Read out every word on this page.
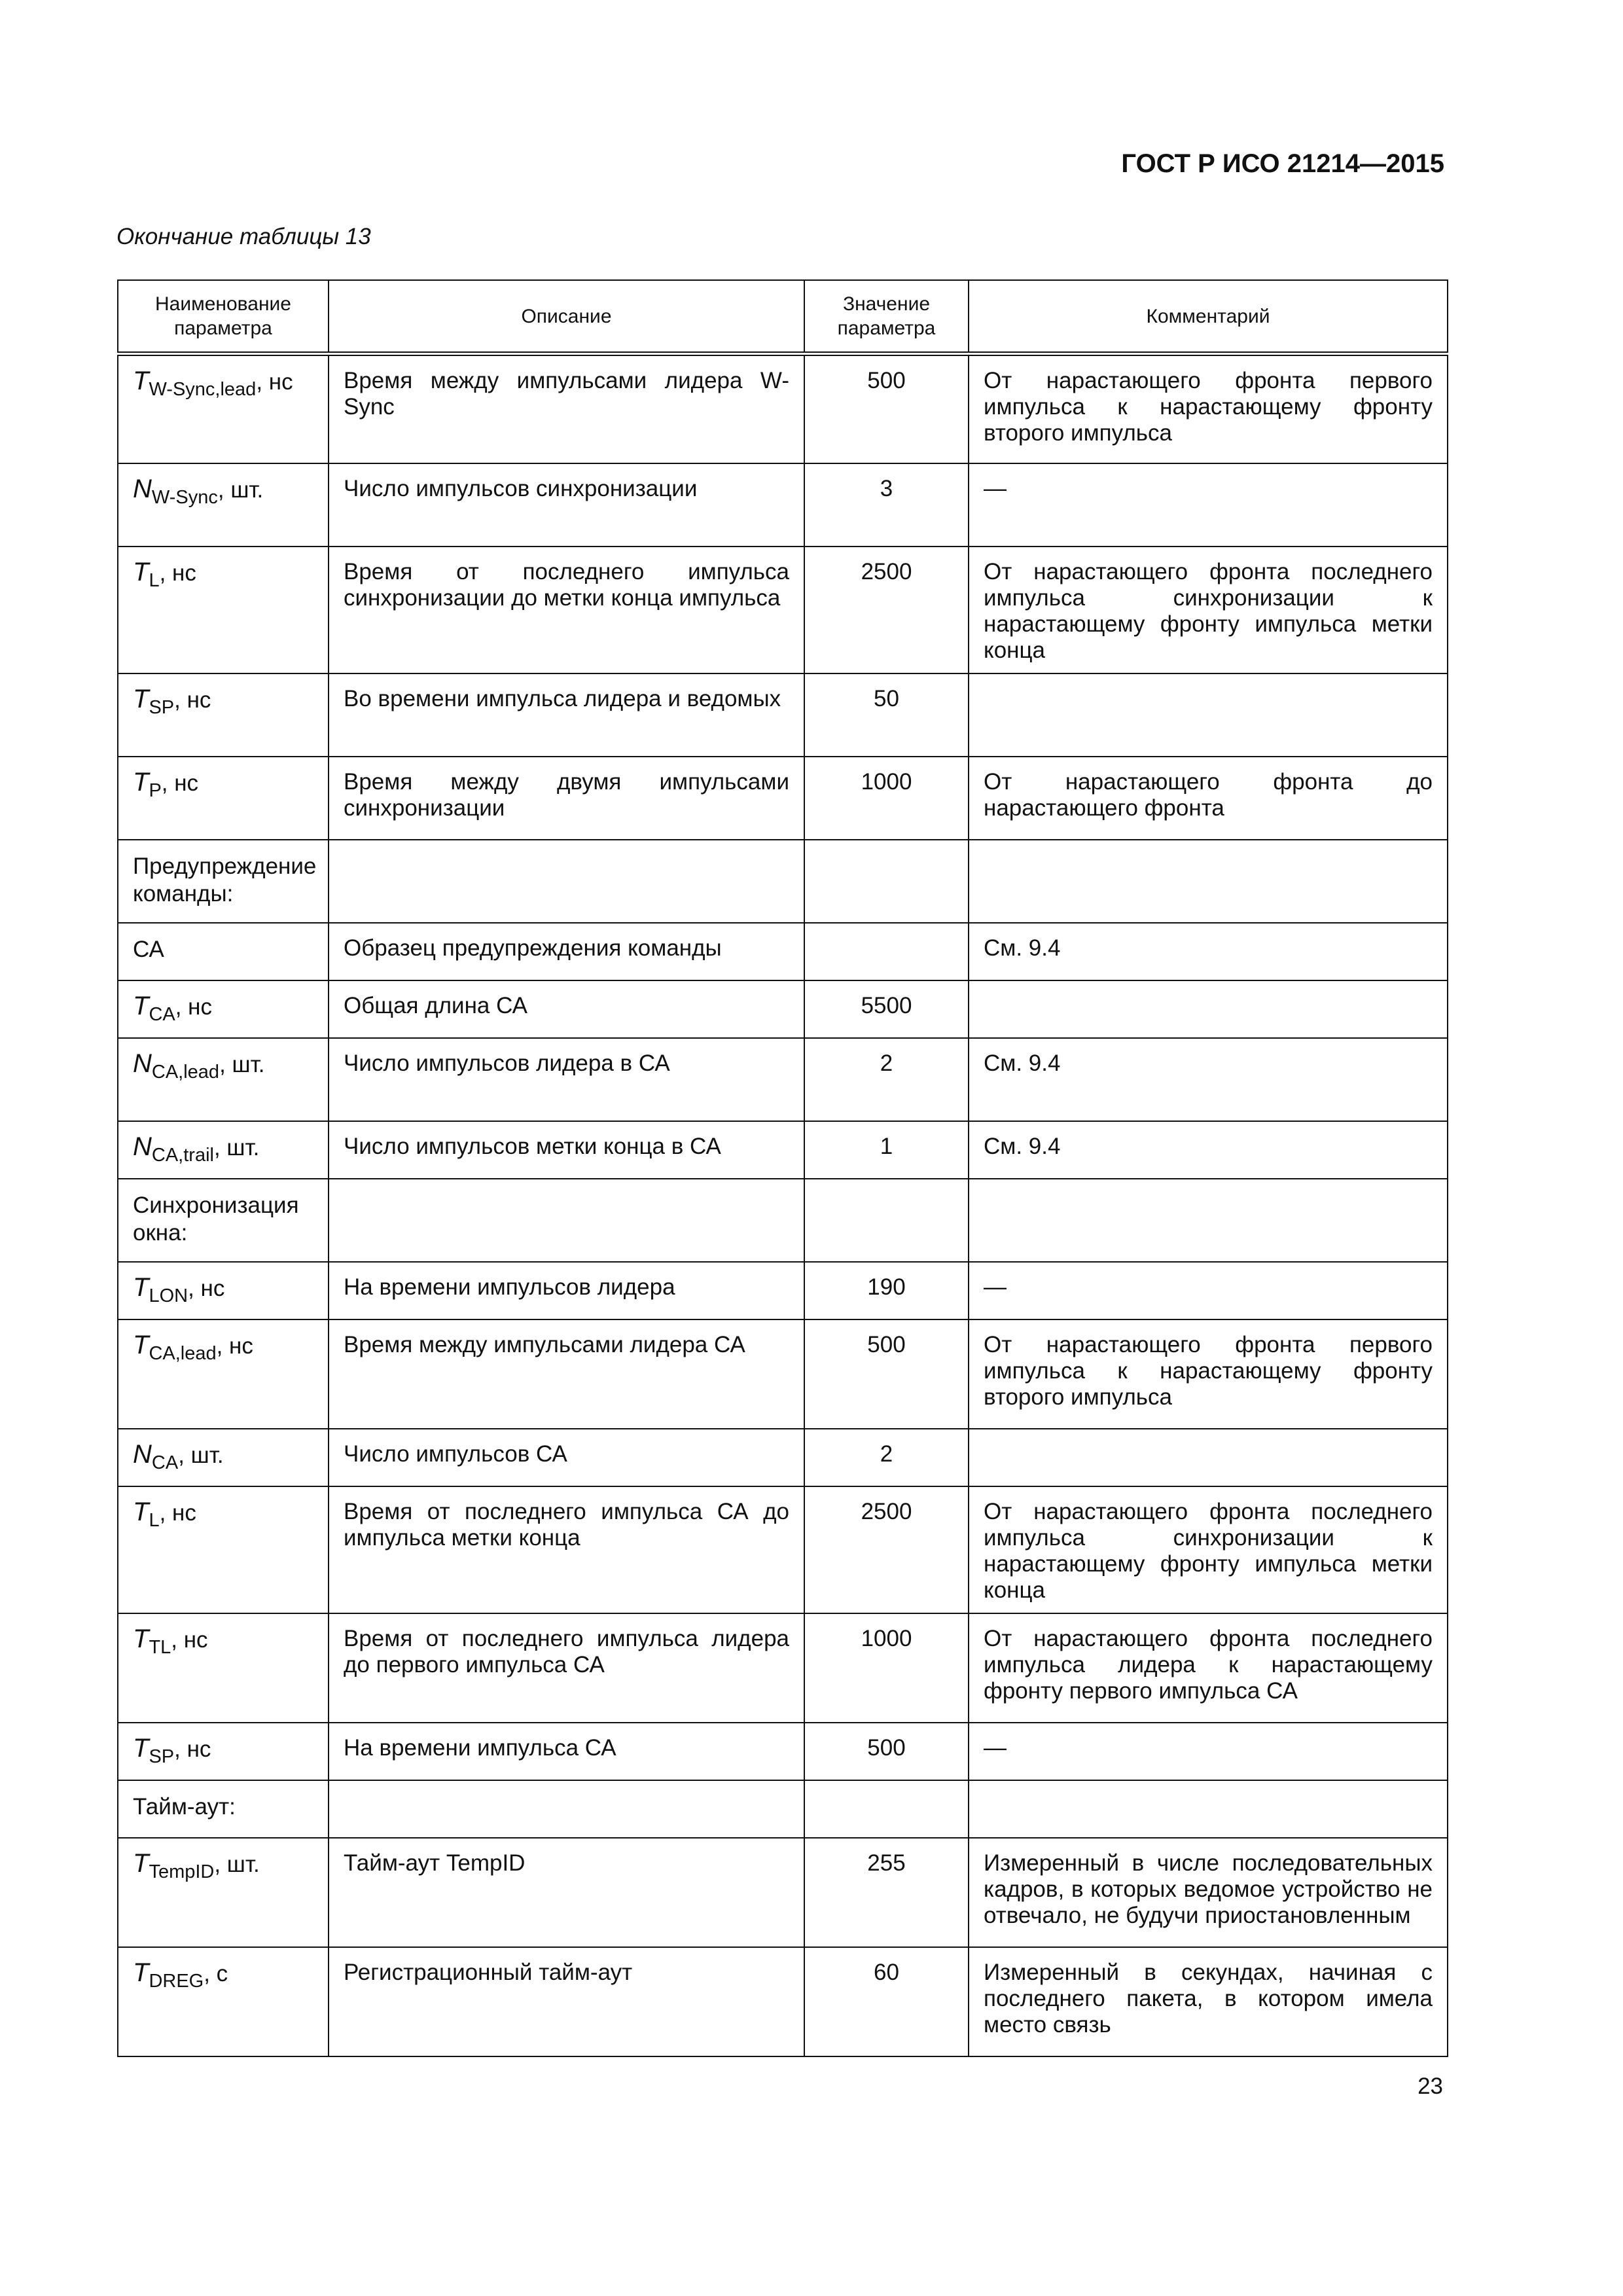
ГОСТ Р ИСО 21214—2015
Окончание таблицы 13
Наименование параметра	Описание	Значение параметра	Комментарий

$T_{W-Sync,lead}$, нс	Время между импульсами лидера W-Sync	500	От нарастающего фронта первого импульса к нарастающему фронту второго импульса

$N_{W-Sync}$, шт.	Число импульсов синхронизации	3	—

$T_L$, нс	Время от последнего импульса синхронизации до метки конца импульса	2500	От нарастающего фронта последнего импульса синхронизации к нарастающему фронту импульса метки конца

$T_{SP}$, нс	Во времени импульса лидера и ведомых	50	

$T_P$, нс	Время между двумя импульсами синхронизации	1000	От нарастающего фронта до нарастающего фронта

Предупреждение команды:			

СА	Образец предупреждения команды		См. 9.4

$T_{CA}$, нс	Общая длина СА	5500	

$N_{CA,lead}$, шт.	Число импульсов лидера в СА	2	См. 9.4

$N_{CA,trail}$, шт.	Число импульсов метки конца в СА	1	См. 9.4

Синхронизация окна:			

$T_{LON}$, нс	На времени импульсов лидера	190	—

$T_{CA,lead}$, нс	Время между импульсами лидера СА	500	От нарастающего фронта первого импульса к нарастающему фронту второго импульса

$N_{CA}$, шт.	Число импульсов СА	2	

$T_L$, нс	Время от последнего импульса СА до импульса метки конца	2500	От нарастающего фронта последнего импульса синхронизации к нарастающему фронту импульса метки конца

$T_{TL}$, нс	Время от последнего импульса лидера до первого импульса СА	1000	От нарастающего фронта последнего импульса лидера к нарастающему фронту первого импульса СА

$T_{SP}$, нс	На времени импульса СА	500	—

Тайм-аут:			

$T_{TempID}$, шт.	Тайм-аут TempID	255	Измеренный в числе последовательных кадров, в которых ведомое устройство не отвечало, не будучи приостановленным

$T_{DREG}$, с	Регистрационный тайм-аут	60	Измеренный в секундах, начиная с последнего пакета, в котором имела место связь
23
